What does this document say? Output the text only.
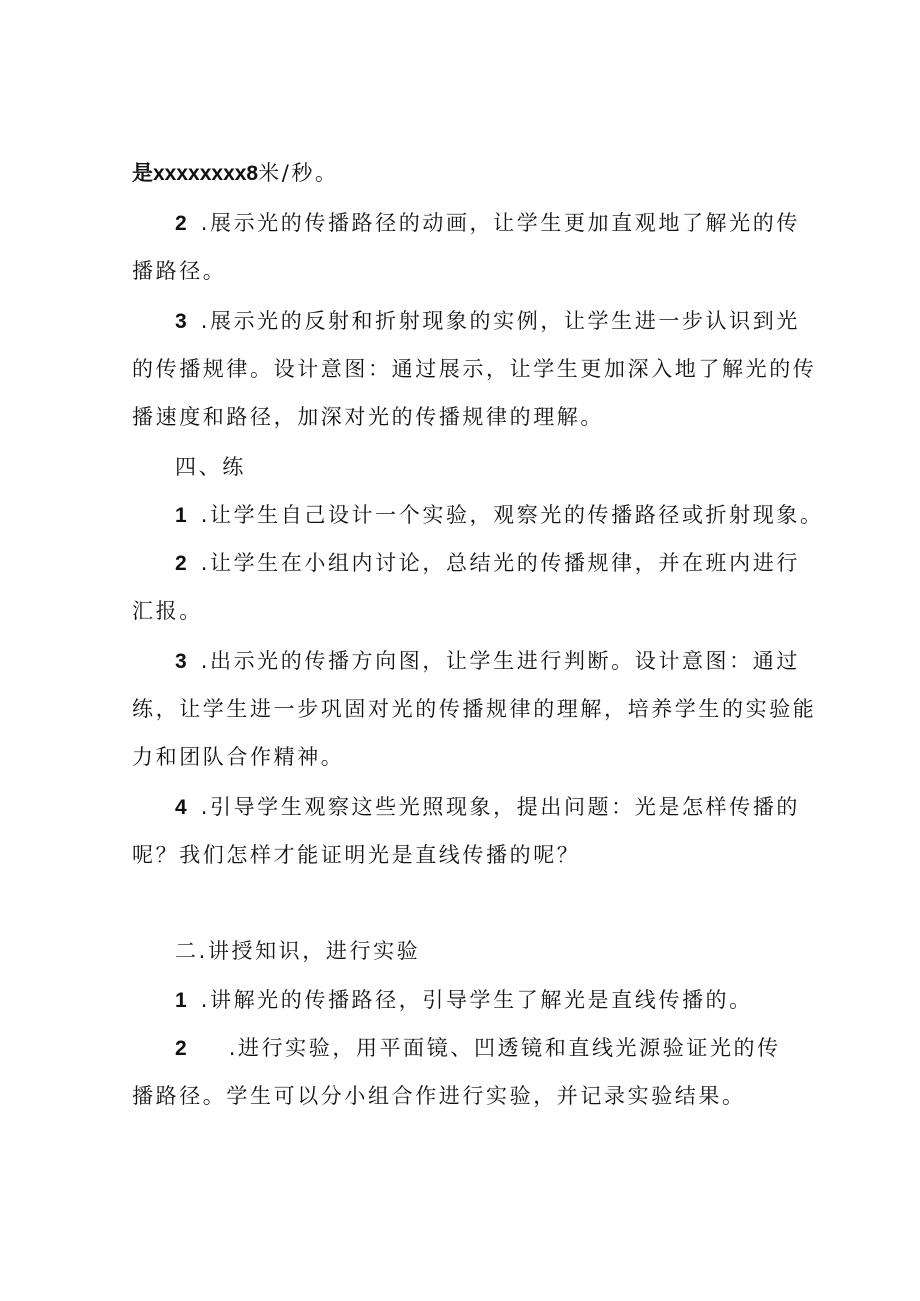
是xxxxxxxx8米/秒。
2 .展示光的传播路径的动画，让学生更加直观地了解光的传
播路径。
3 .展示光的反射和折射现象的实例，让学生进一步认识到光
的传播规律。设计意图：通过展示，让学生更加深入地了解光的传
播速度和路径，加深对光的传播规律的理解。
四、练
1 .让学生自己设计一个实验，观察光的传播路径或折射现象。
2 .让学生在小组内讨论，总结光的传播规律，并在班内进行
汇报。
3 .出示光的传播方向图，让学生进行判断。设计意图：通过
练，让学生进一步巩固对光的传播规律的理解，培养学生的实验能
力和团队合作精神。
4 .引导学生观察这些光照现象，提出问题：光是怎样传播的
呢？我们怎样才能证明光是直线传播的呢？
二.讲授知识，进行实验
1 .讲解光的传播路径，引导学生了解光是直线传播的。
2 .进行实验，用平面镜、凹透镜和直线光源验证光的传
播路径。学生可以分小组合作进行实验，并记录实验结果。
